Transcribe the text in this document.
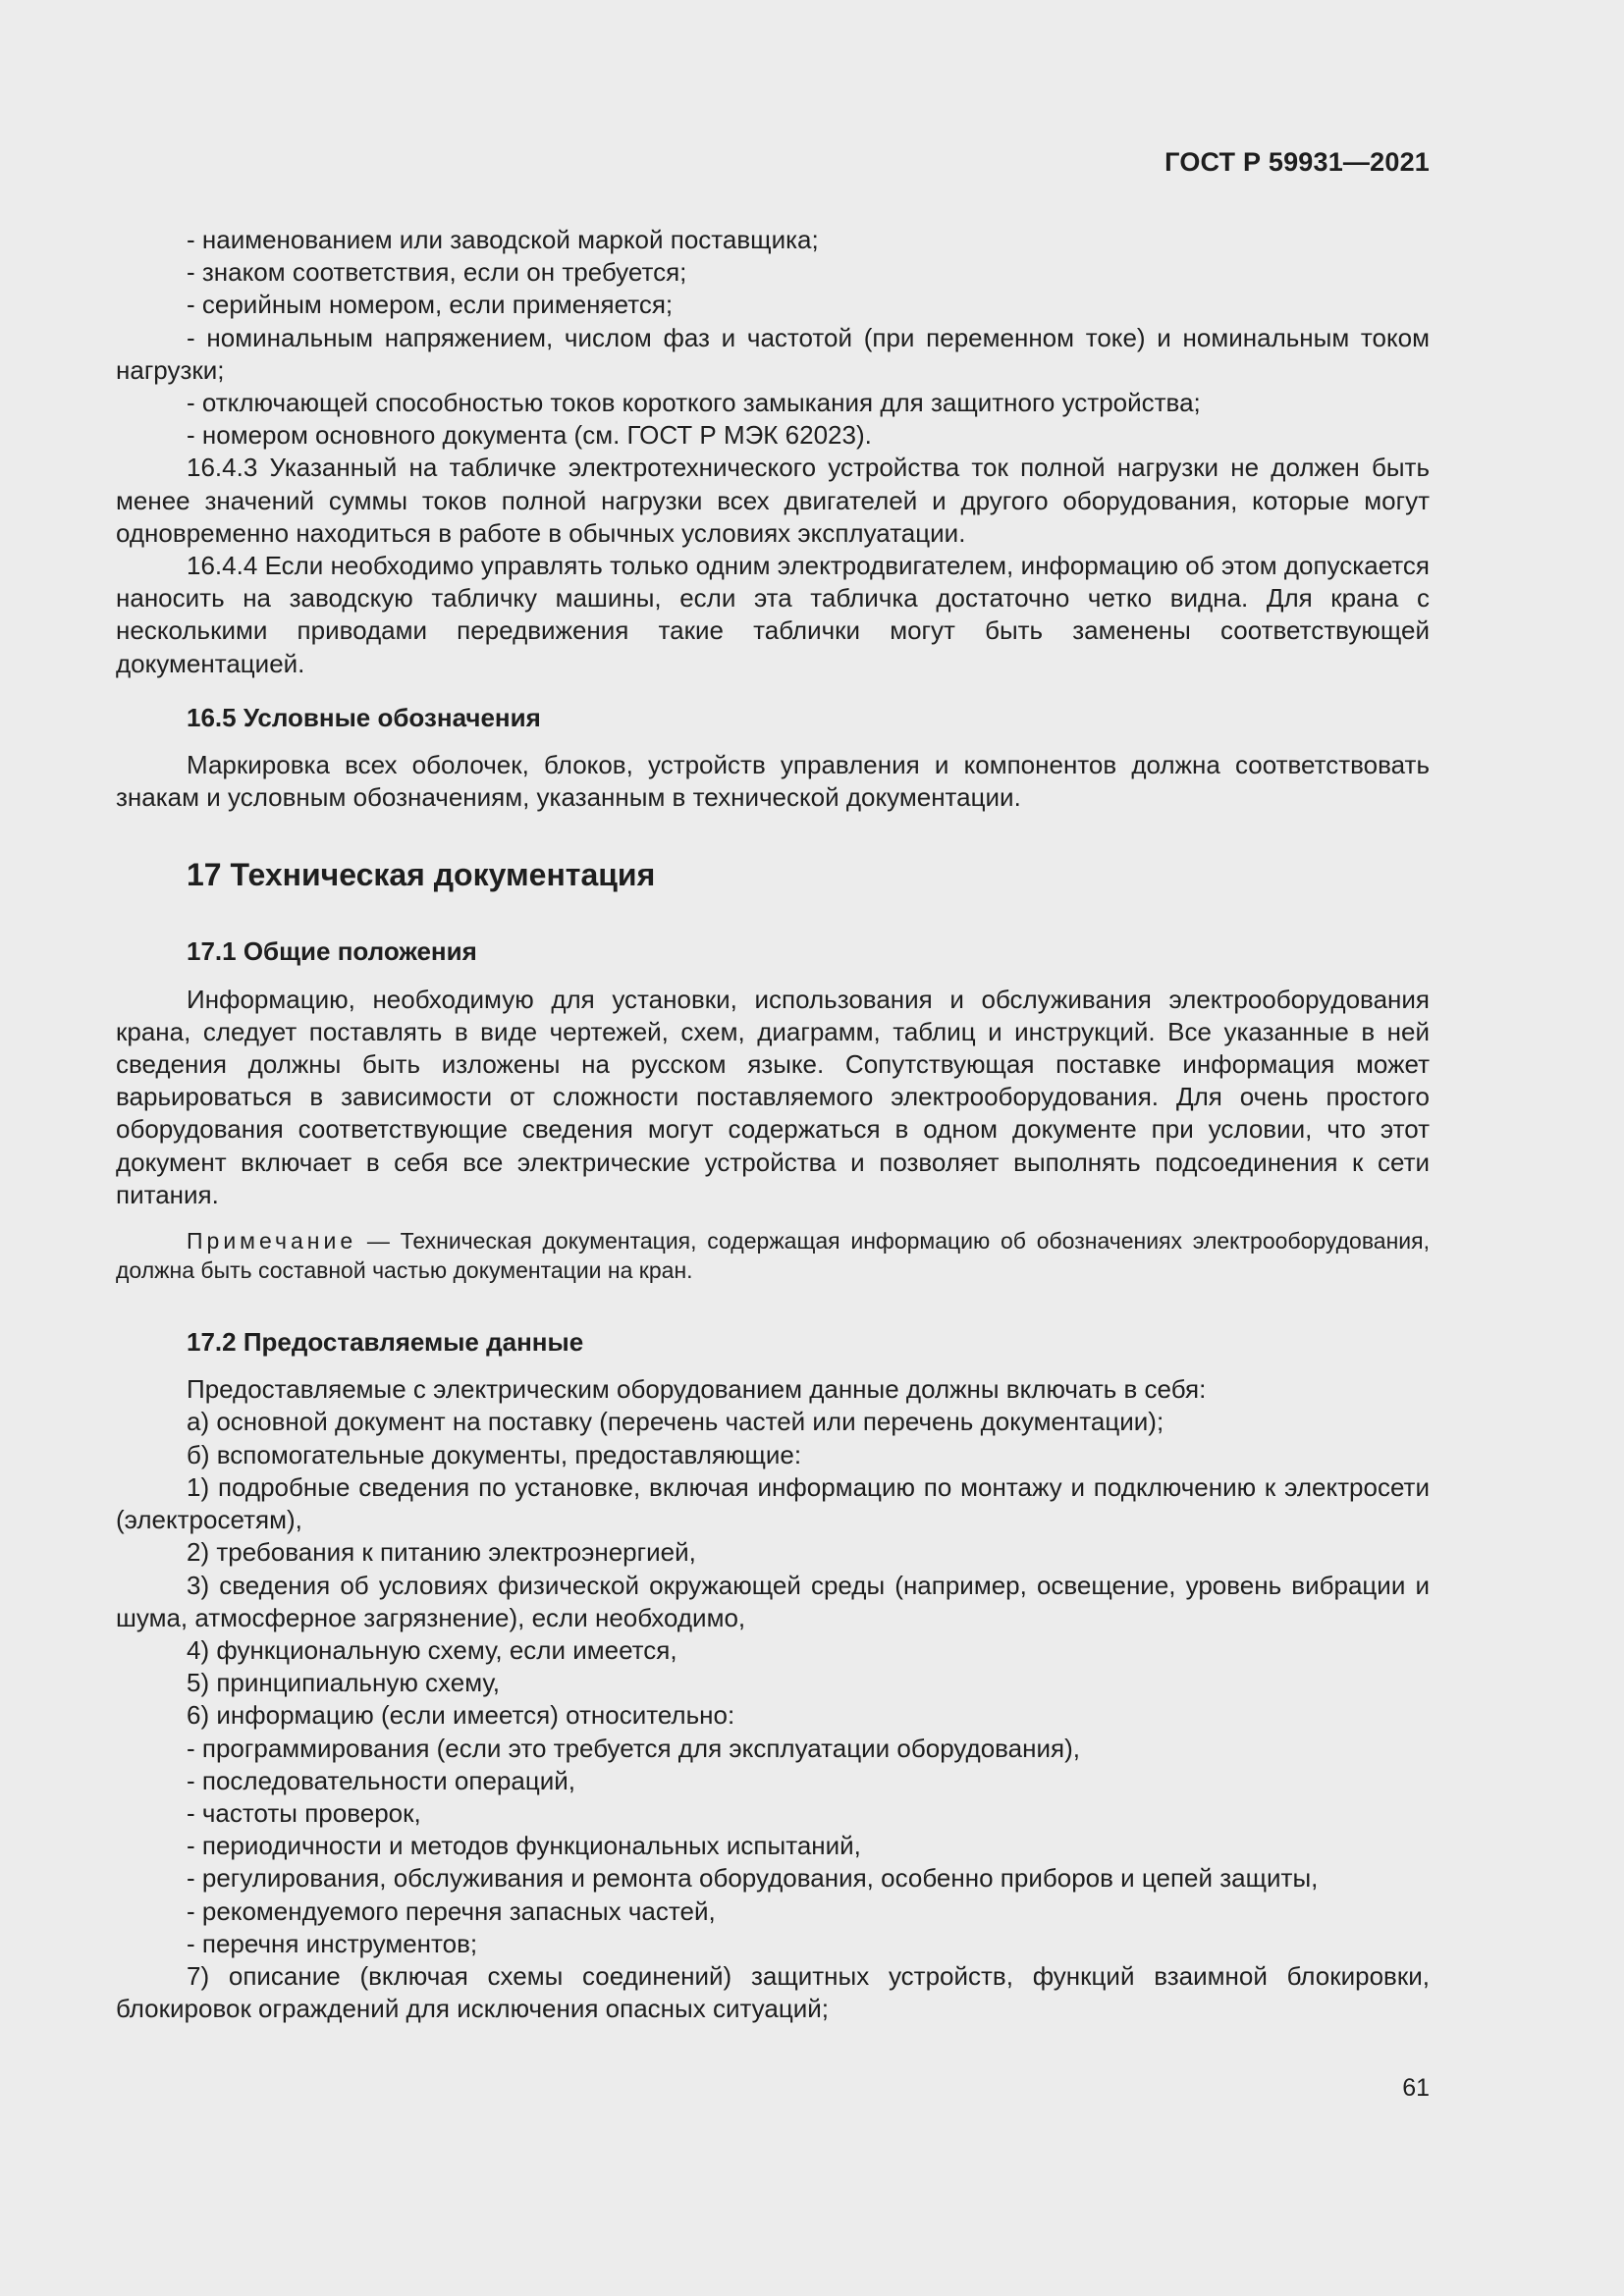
ГОСТ Р 59931—2021

- наименованием или заводской маркой поставщика;

- знаком соответствия, если он требуется;

- серийным номером, если применяется;

- номинальным напряжением, числом фаз и частотой (при переменном токе) и номинальным током нагрузки;

- отключающей способностью токов короткого замыкания для защитного устройства;

- номером основного документа (см. ГОСТ Р МЭК 62023).

16.4.3 Указанный на табличке электротехнического устройства ток полной нагрузки не должен быть менее значений суммы токов полной нагрузки всех двигателей и другого оборудования, которые могут одновременно находиться в работе в обычных условиях эксплуатации.

16.4.4 Если необходимо управлять только одним электродвигателем, информацию об этом допускается наносить на заводскую табличку машины, если эта табличка достаточно четко видна. Для крана с несколькими приводами передвижения такие таблички могут быть заменены соответствующей документацией.

16.5 Условные обозначения

Маркировка всех оболочек, блоков, устройств управления и компонентов должна соответствовать знакам и условным обозначениям, указанным в технической документации.

17 Техническая документация

17.1 Общие положения

Информацию, необходимую для установки, использования и обслуживания электрооборудования крана, следует поставлять в виде чертежей, схем, диаграмм, таблиц и инструкций. Все указанные в ней сведения должны быть изложены на русском языке. Сопутствующая поставке информация может варьироваться в зависимости от сложности поставляемого электрооборудования. Для очень простого оборудования соответствующие сведения могут содержаться в одном документе при условии, что этот документ включает в себя все электрические устройства и позволяет выполнять подсоединения к сети питания.

Примечание — Техническая документация, содержащая информацию об обозначениях электрооборудования, должна быть составной частью документации на кран.

17.2 Предоставляемые данные

Предоставляемые с электрическим оборудованием данные должны включать в себя:

а) основной документ на поставку (перечень частей или перечень документации);

б) вспомогательные документы, предоставляющие:

1) подробные сведения по установке, включая информацию по монтажу и подключению к электросети (электросетям),

2) требования к питанию электроэнергией,

3) сведения об условиях физической окружающей среды (например, освещение, уровень вибрации и шума, атмосферное загрязнение), если необходимо,

4) функциональную схему, если имеется,

5) принципиальную схему,

6) информацию (если имеется) относительно:

- программирования (если это требуется для эксплуатации оборудования),

- последовательности операций,

- частоты проверок,

- периодичности и методов функциональных испытаний,

- регулирования, обслуживания и ремонта оборудования, особенно приборов и цепей защиты,

- рекомендуемого перечня запасных частей,

- перечня инструментов;

7) описание (включая схемы соединений) защитных устройств, функций взаимной блокировки, блокировок ограждений для исключения опасных ситуаций;

61
